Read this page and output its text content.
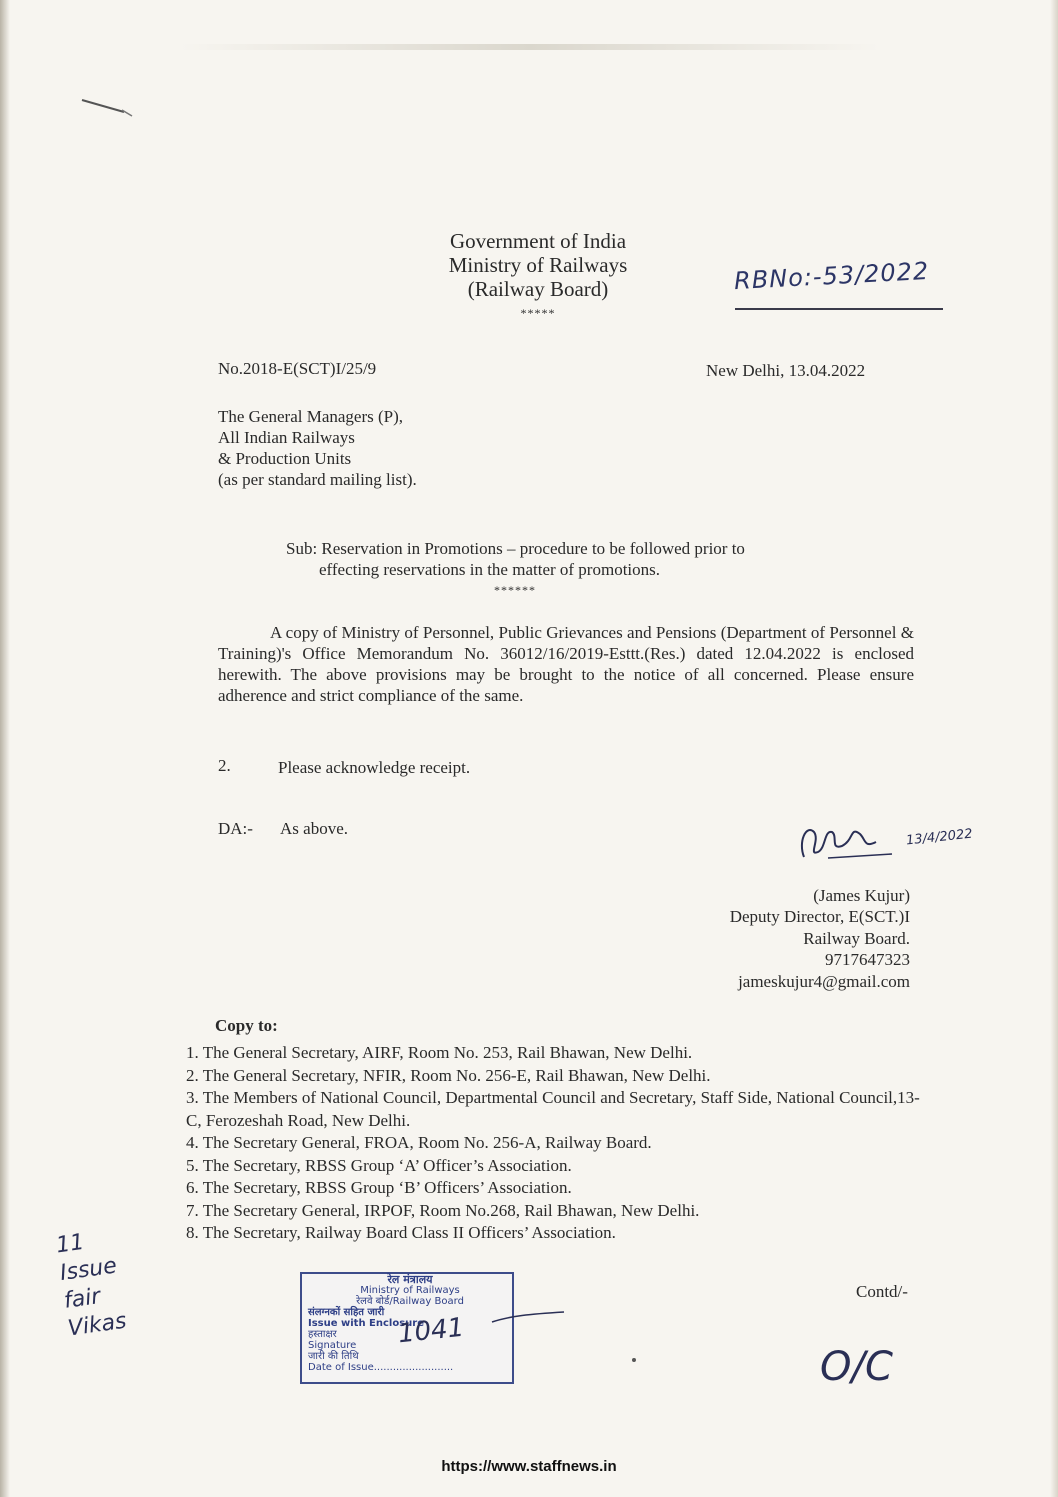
Government of India
Ministry of Railways
(Railway Board)
*****
RBNo:-53/2022
No.2018-E(SCT)I/25/9	New Delhi, 13.04.2022
The General Managers (P),
All Indian Railways
& Production Units
(as per standard mailing list).
Sub: Reservation in Promotions – procedure to be followed prior to
effecting reservations in the matter of promotions.
******
A copy of Ministry of Personnel, Public Grievances and Pensions (Department of Personnel & Training)'s Office Memorandum No. 36012/16/2019-Esttt.(Res.) dated 12.04.2022 is enclosed herewith. The above provisions may be brought to the notice of all concerned. Please ensure adherence and strict compliance of the same.
2.	Please acknowledge receipt.
DA:- As above.	13/4/2022
(James Kujur)
Deputy Director, E(SCT.)I
Railway Board.
9717647323
jameskujur4@gmail.com
Copy to:
1. The General Secretary, AIRF, Room No. 253, Rail Bhawan, New Delhi.
2. The General Secretary, NFIR, Room No. 256-E, Rail Bhawan, New Delhi.
3. The Members of National Council, Departmental Council and Secretary, Staff Side, National Council,13-C, Ferozeshah Road, New Delhi.
4. The Secretary General, FROA, Room No. 256-A, Railway Board.
5. The Secretary, RBSS Group ‘A’ Officer’s Association.
6. The Secretary, RBSS Group ‘B’ Officers’ Association.
7. The Secretary General, IRPOF, Room No.268, Rail Bhawan, New Delhi.
8. The Secretary, Railway Board Class II Officers’ Association.
Contd/-
रेल मंत्रालय
Ministry of Railways
रेलवे बोर्ड/Railway Board
संलग्नकों सहित जारी
Issue with Enclosure
हस्ताक्षर
Signature
जारी की तिथि
Date of Issue.........................
1041
11
Issue
fair
Vikas
O/C
https://www.staffnews.in
